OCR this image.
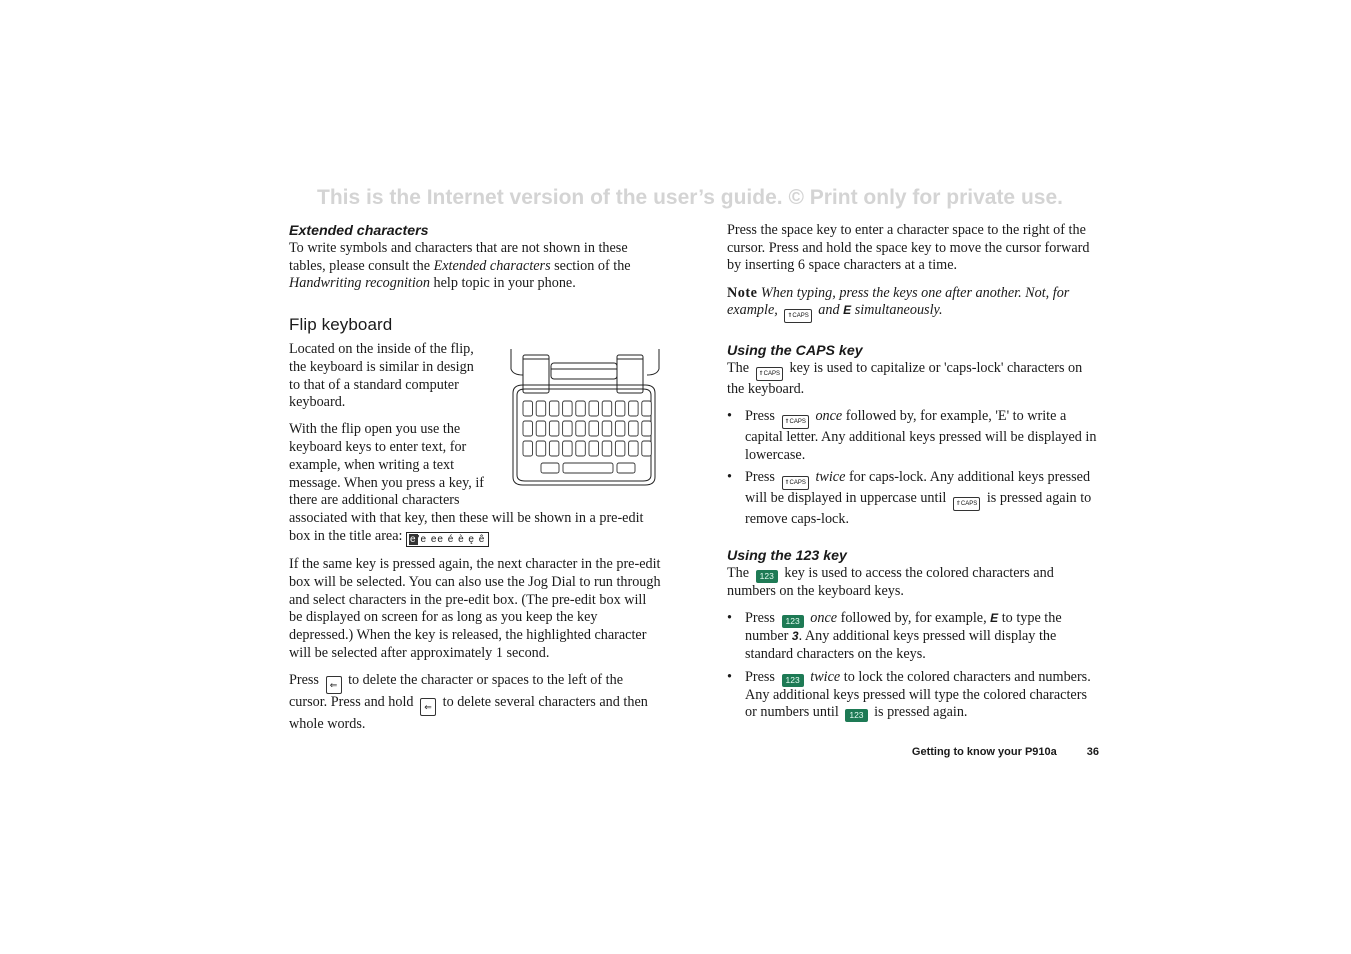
This is the Internet version of the user’s guide. © Print only for private use.
Extended characters

To write symbols and characters that are not shown in these tables, please consult the Extended characters section of the Handwriting recognition help topic in your phone.

Flip keyboard

Located on the inside of the flip, the keyboard is similar in design to that of a standard computer keyboard.

With the flip open you use the keyboard keys to enter text, for example, when writing a text message. When you press a key, if there are additional characters associated with that key, then these will be shown in a pre-edit box in the title area: e'e ee é è ę ê

If the same key is pressed again, the next character in the pre-edit box will be selected. You can also use the Jog Dial to run through and select characters in the pre-edit box. (The pre-edit box will be displayed on screen for as long as you keep the key depressed.) When the key is released, the highlighted character will be selected after approximately 1 second.

Press ⇐ to delete the character or spaces to the left of the cursor. Press and hold ⇐ to delete several characters and then whole words.

Press the space key to enter a character space to the right of the cursor. Press and hold the space key to move the cursor forward by inserting 6 space characters at a time.

Note When typing, press the keys one after another. Not, for example, ⇑CAPS and E simultaneously.

Using the CAPS key

The ⇑CAPS key is used to capitalize or 'caps-lock' characters on the keyboard.

• Press ⇑CAPS once followed by, for example, 'E' to write a capital letter. Any additional keys pressed will be displayed in lowercase.
• Press ⇑CAPS twice for caps-lock. Any additional keys pressed will be displayed in uppercase until ⇑CAPS is pressed again to remove caps-lock.
Using the 123 key

The 123 key is used to access the colored characters and numbers on the keyboard keys.

• Press 123 once followed by, for example, E to type the number 3. Any additional keys pressed will display the standard characters on the keys.
• Press 123 twice to lock the colored characters and numbers. Any additional keys pressed will type the colored characters or numbers until 123 is pressed again.
Getting to know your P910a	36
